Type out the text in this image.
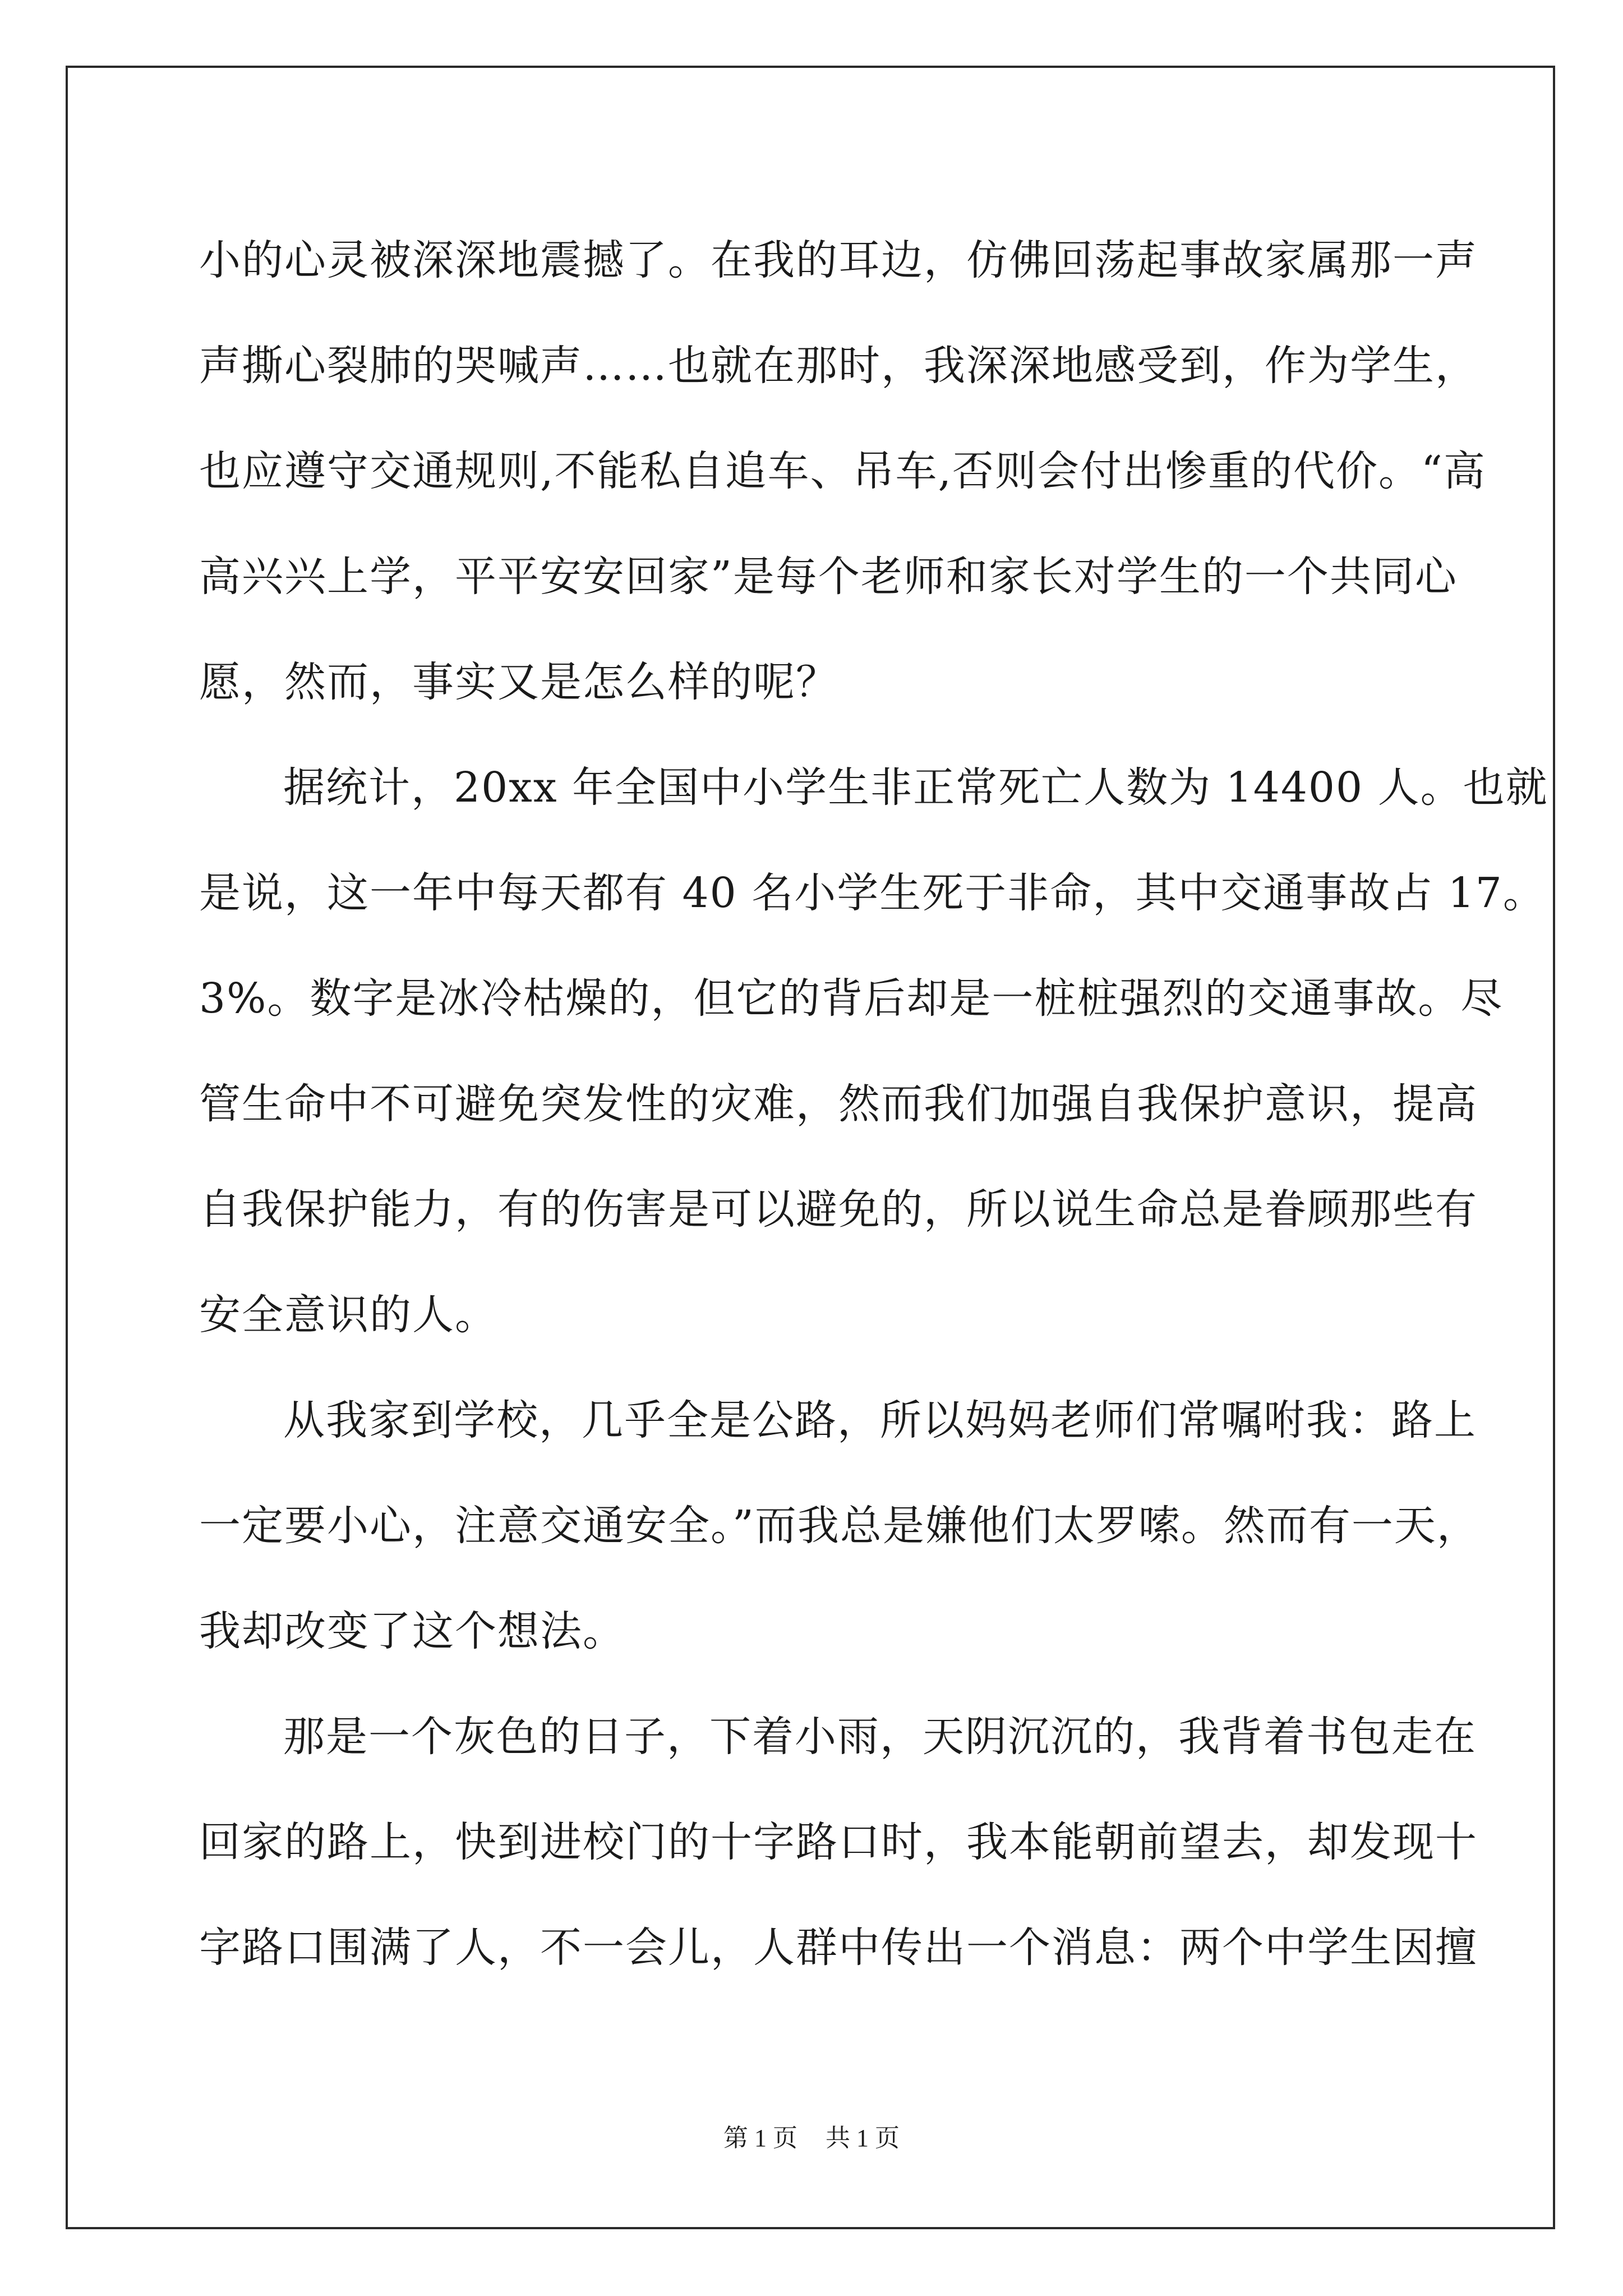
小的心灵被深深地震撼了。在我的耳边，仿佛回荡起事故家属那一声
声撕心裂肺的哭喊声……也就在那时，我深深地感受到，作为学生，
也应遵守交通规则,不能私自追车、吊车,否则会付出惨重的代价。“高
高兴兴上学，平平安安回家”是每个老师和家长对学生的一个共同心
愿，然而，事实又是怎么样的呢？
据统计，20xx 年全国中小学生非正常死亡人数为 14400 人。也就
是说，这一年中每天都有 40 名小学生死于非命，其中交通事故占 17。
3%。数字是冰冷枯燥的，但它的背后却是一桩桩强烈的交通事故。尽
管生命中不可避免突发性的灾难，然而我们加强自我保护意识，提高
自我保护能力，有的伤害是可以避免的，所以说生命总是眷顾那些有
安全意识的人。
从我家到学校，几乎全是公路，所以妈妈老师们常嘱咐我：路上
一定要小心，注意交通安全。”而我总是嫌他们太罗嗦。然而有一天，
我却改变了这个想法。
那是一个灰色的日子，下着小雨，天阴沉沉的，我背着书包走在
回家的路上，快到进校门的十字路口时，我本能朝前望去，却发现十
字路口围满了人，不一会儿，人群中传出一个消息：两个中学生因擅
第 1 页 共 1 页
